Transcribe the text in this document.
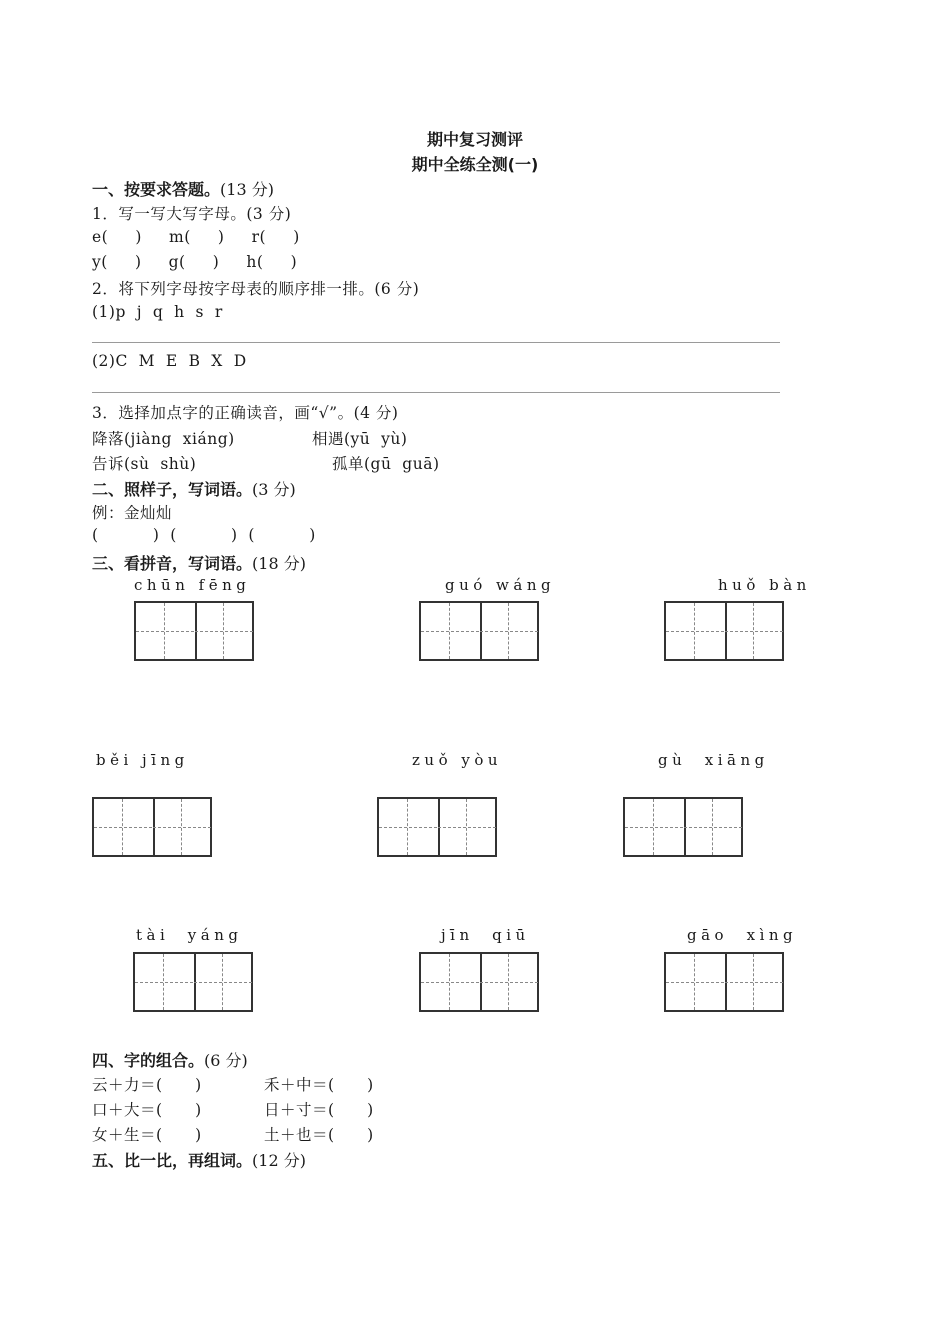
期中复习测评
期中全练全测(一)
一、按要求答题。(13 分)
1．写一写大写字母。(3 分)
e(     )     m(     )     r(     )
y(     )     g(     )     h(     )
2．将下列字母按字母表的顺序排一排。(6 分)
(1)p  j  q  h  s  r
(2)C  M  E  B  X  D
3．选择加点字的正确读音，画“√”。(4 分)
降落(jiàng  xiáng)	相遇(yū  yù)
告诉(sù  shù)	孤单(gū  guā)
二、照样子，写词语。(3 分)
例：金灿灿
(          )  (          )  (          )
三、看拼音，写词语。(18 分)
chūn fēng	guó wáng	huǒ bàn
běi jīng	zuǒ yòu	gù  xiāng
tài  yáng	jīn  qiū	gāo  xìng
四、字的组合。(6 分)
云＋力＝(      )	禾＋中＝(      )
口＋大＝(      )	日＋寸＝(      )
女＋生＝(      )	土＋也＝(      )
五、比一比，再组词。(12 分)
